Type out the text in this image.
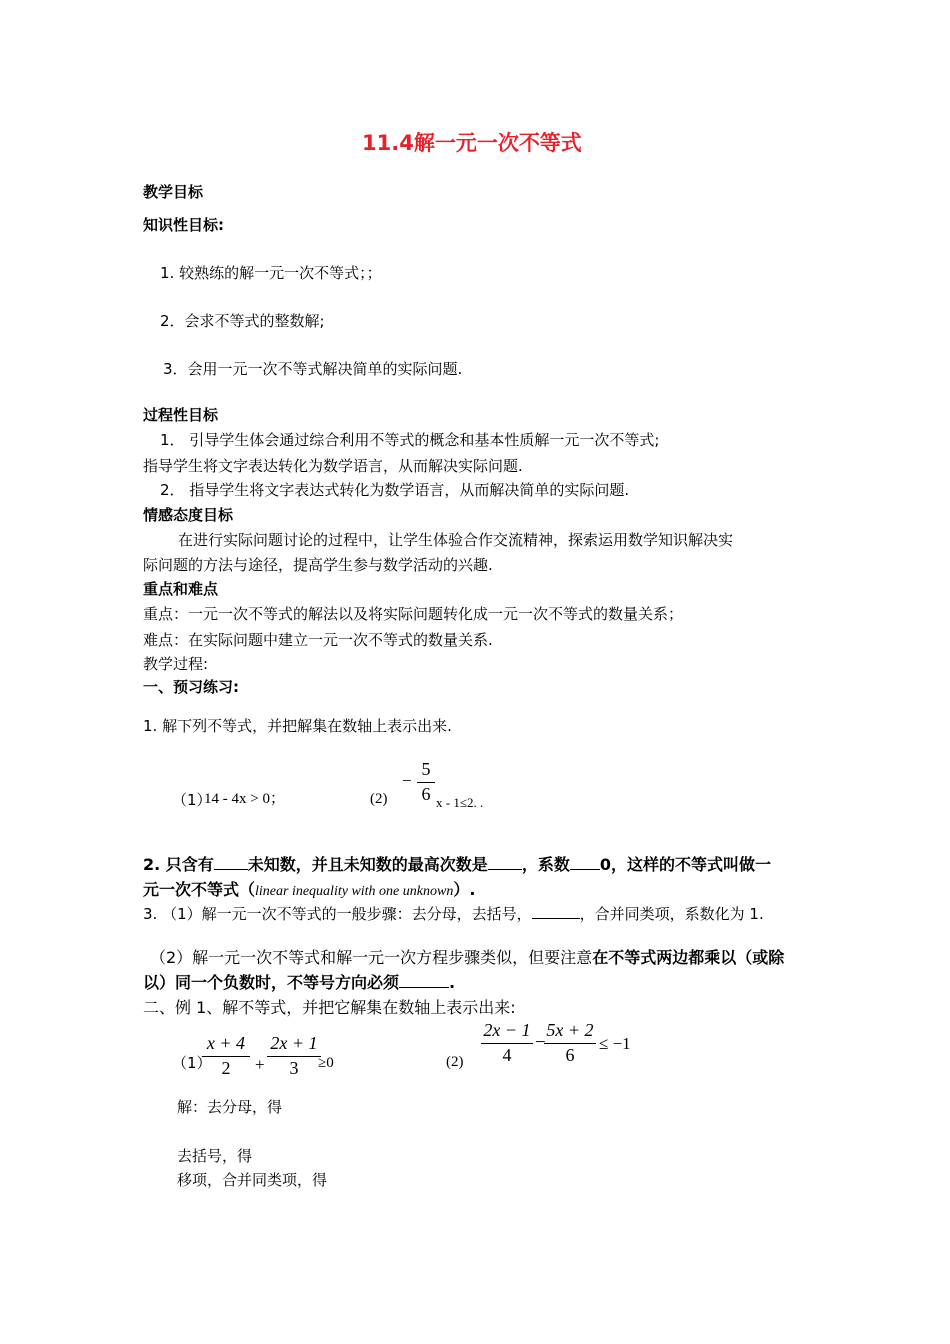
11.4解一元一次不等式
教学目标
知识性目标:
1. 较熟练的解一元一次不等式；；
2．会求不等式的整数解;
3．会用一元一次不等式解决简单的实际问题.
过程性目标
1． 引导学生体会通过综合利用不等式的概念和基本性质解一元一次不等式;
指导学生将文字表达转化为数学语言，从而解决实际问题.
2． 指导学生将文字表达式转化为数学语言，从而解决简单的实际问题.
情感态度目标
在进行实际问题讨论的过程中，让学生体验合作交流精神，探索运用数学知识解决实
际问题的方法与途径，提高学生参与数学活动的兴趣.
重点和难点
重点：一元一次不等式的解法以及将实际问题转化成一元一次不等式的数量关系；
难点：在实际问题中建立一元一次不等式的数量关系.
教学过程:
一、预习练习:
1. 解下列不等式，并把解集在数轴上表示出来.
（1）
14 - 4x > 0；	(2)
−
5
6 x - 1≤2. .
2. 只含有 未知数，并且未知数的最高次数是 ，系数 0，这样的不等式叫做一
元一次不等式（linear inequality with one unknown）.
3. （1）解一元一次不等式的一般步骤：去分母，去括号，	，合并同类项，系数化为 1.
（2）解一元一次不等式和解一元一次方程步骤类似，但要注意在不等式两边都乘以（或除
以）同一个负数时，不等号方向必须	.
二、例 1、解不等式，并把它解集在数轴上表示出来:
（1）
x + 4
2	+
2x + 1
3	≥0	(2)
2x − 1
4
−
5x + 2
6
≤ −1
解：去分母，得
去括号，得
移项，合并同类项，得
